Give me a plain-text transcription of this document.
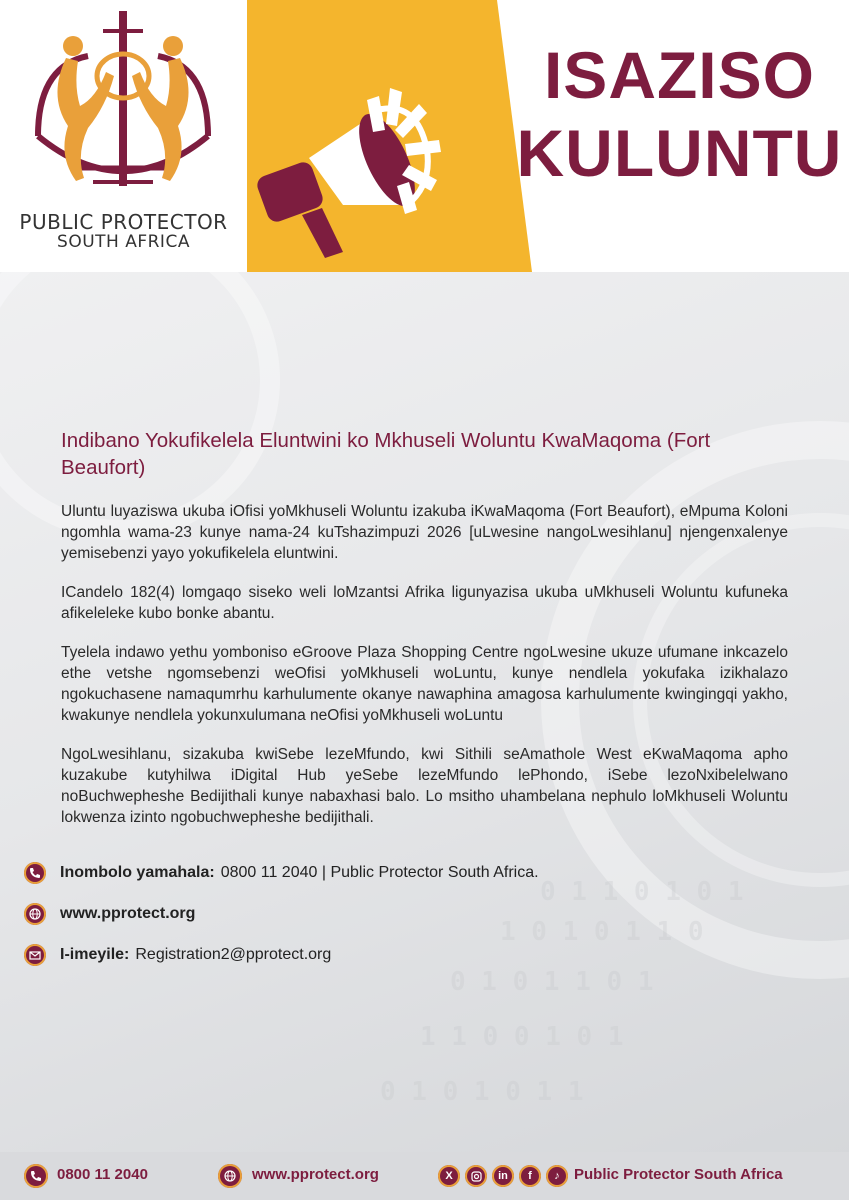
0 1 1 0 1 0 1
1 0 1 0 1 1 0
0 1 0 1 1 0 1
1 1 0 0 1 0 1
0 1 0 1 0 1 1
PUBLIC PROTECTOR
SOUTH AFRICA
ISAZISO
KULUNTU
Indibano Yokufikelela Eluntwini ko Mkhuseli Woluntu KwaMaqoma (Fort Beaufort)

Uluntu luyaziswa ukuba iOfisi yoMkhuseli Woluntu izakuba iKwaMaqoma (Fort Beaufort), eMpuma Koloni ngomhla wama-23 kunye nama-24 kuTshazimpuzi 2026 [uLwesine nangoLwesihlanu] njengenxalenye yemisebenzi yayo yokufikelela eluntwini.

ICandelo 182(4) lomgaqo siseko weli loMzantsi Afrika ligunyazisa ukuba uMkhuseli Woluntu kufuneka afikeleleke kubo bonke abantu.

Tyelela indawo yethu yomboniso eGroove Plaza Shopping Centre ngoLwesine ukuze ufumane inkcazelo ethe vetshe ngomsebenzi weOfisi yoMkhuseli woLuntu, kunye nendlela yokufaka izikhalazo ngokuchasene namaqumrhu karhulumente okanye nawaphina amagosa karhulumente kwingingqi yakho, kwakunye nendlela yokunxulumana neOfisi yoMkhuseli woLuntu

NgoLwesihlanu, sizakuba kwiSebe lezeMfundo, kwi Sithili seAmathole West eKwaMaqoma apho kuzakube kutyhilwa iDigital Hub yeSebe lezeMfundo lePhondo, iSebe lezoNxibelelwano noBuchwepheshe Bedijithali kunye nabaxhasi balo. Lo msitho uhambelana nephulo loMkhuseli Woluntu lokwenza izinto ngobuchwepheshe bedijithali.

Inombolo yamahala: 0800 11 2040 | Public Protector South Africa.
www.pprotect.org
I-imeyile: Registration2@pprotect.org
0800 11 2040	www.pprotect.org	X	in	f	♪ Public Protector South Africa
